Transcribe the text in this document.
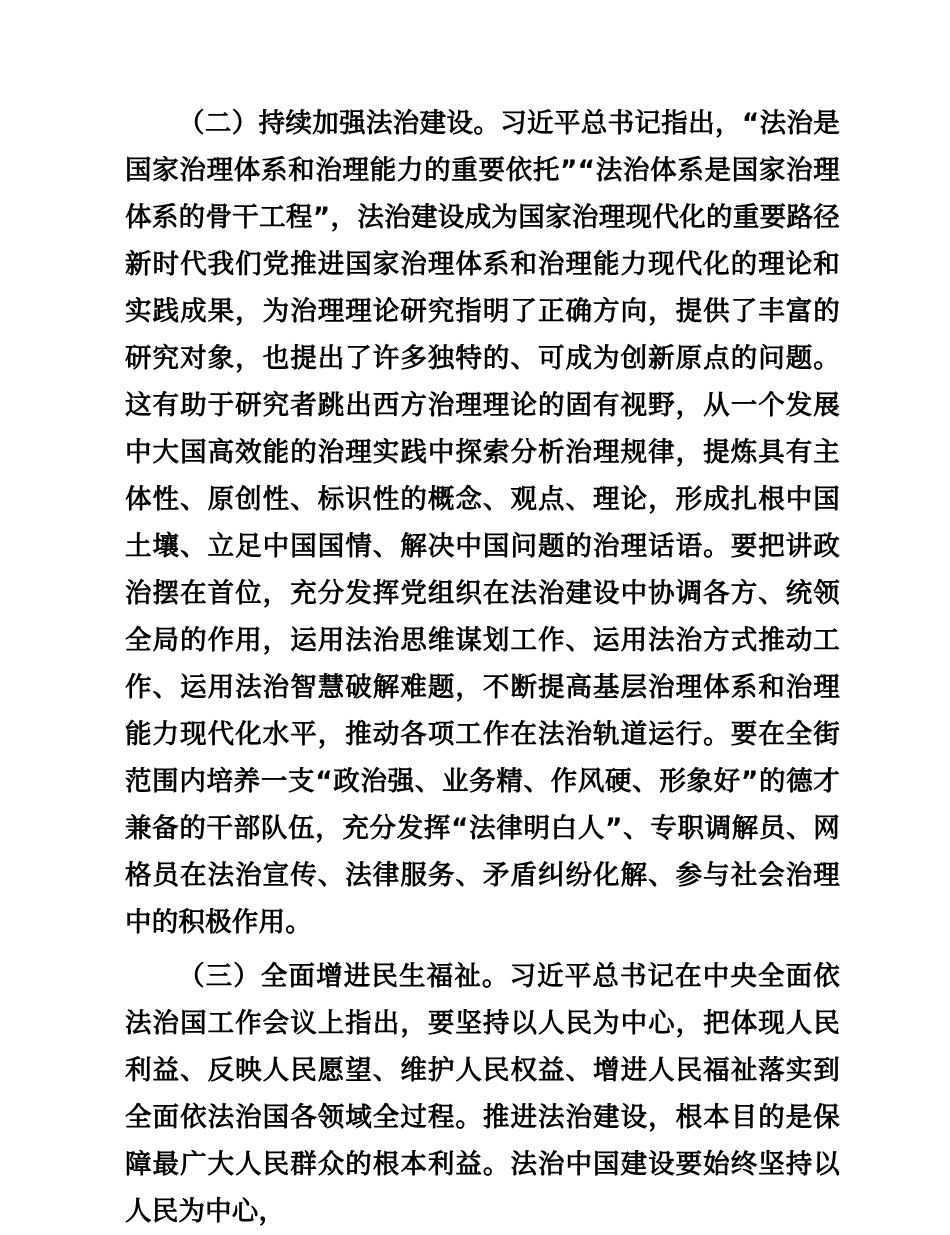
（二）持续加强法治建设。习近平总书记指出，“法治是国家治理体系和治理能力的重要依托”“法治体系是国家治理体系的骨干工程”，法治建设成为国家治理现代化的重要路径新时代我们党推进国家治理体系和治理能力现代化的理论和实践成果，为治理理论研究指明了正确方向，提供了丰富的研究对象，也提出了许多独特的、可成为创新原点的问题。这有助于研究者跳出西方治理理论的固有视野，从一个发展中大国高效能的治理实践中探索分析治理规律，提炼具有主体性、原创性、标识性的概念、观点、理论，形成扎根中国土壤、立足中国国情、解决中国问题的治理话语。要把讲政治摆在首位，充分发挥党组织在法治建设中协调各方、统领全局的作用，运用法治思维谋划工作、运用法治方式推动工作、运用法治智慧破解难题，不断提高基层治理体系和治理能力现代化水平，推动各项工作在法治轨道运行。要在全街范围内培养一支“政治强、业务精、作风硬、形象好”的德才兼备的干部队伍，充分发挥“法律明白人”、专职调解员、网格员在法治宣传、法律服务、矛盾纠纷化解、参与社会治理中的积极作用。

（三）全面增进民生福祉。习近平总书记在中央全面依法治国工作会议上指出，要坚持以人民为中心，把体现人民利益、反映人民愿望、维护人民权益、增进人民福祉落实到全面依法治国各领域全过程。推进法治建设，根本目的是保障最广大人民群众的根本利益。法治中国建设要始终坚持以人民为中心，
